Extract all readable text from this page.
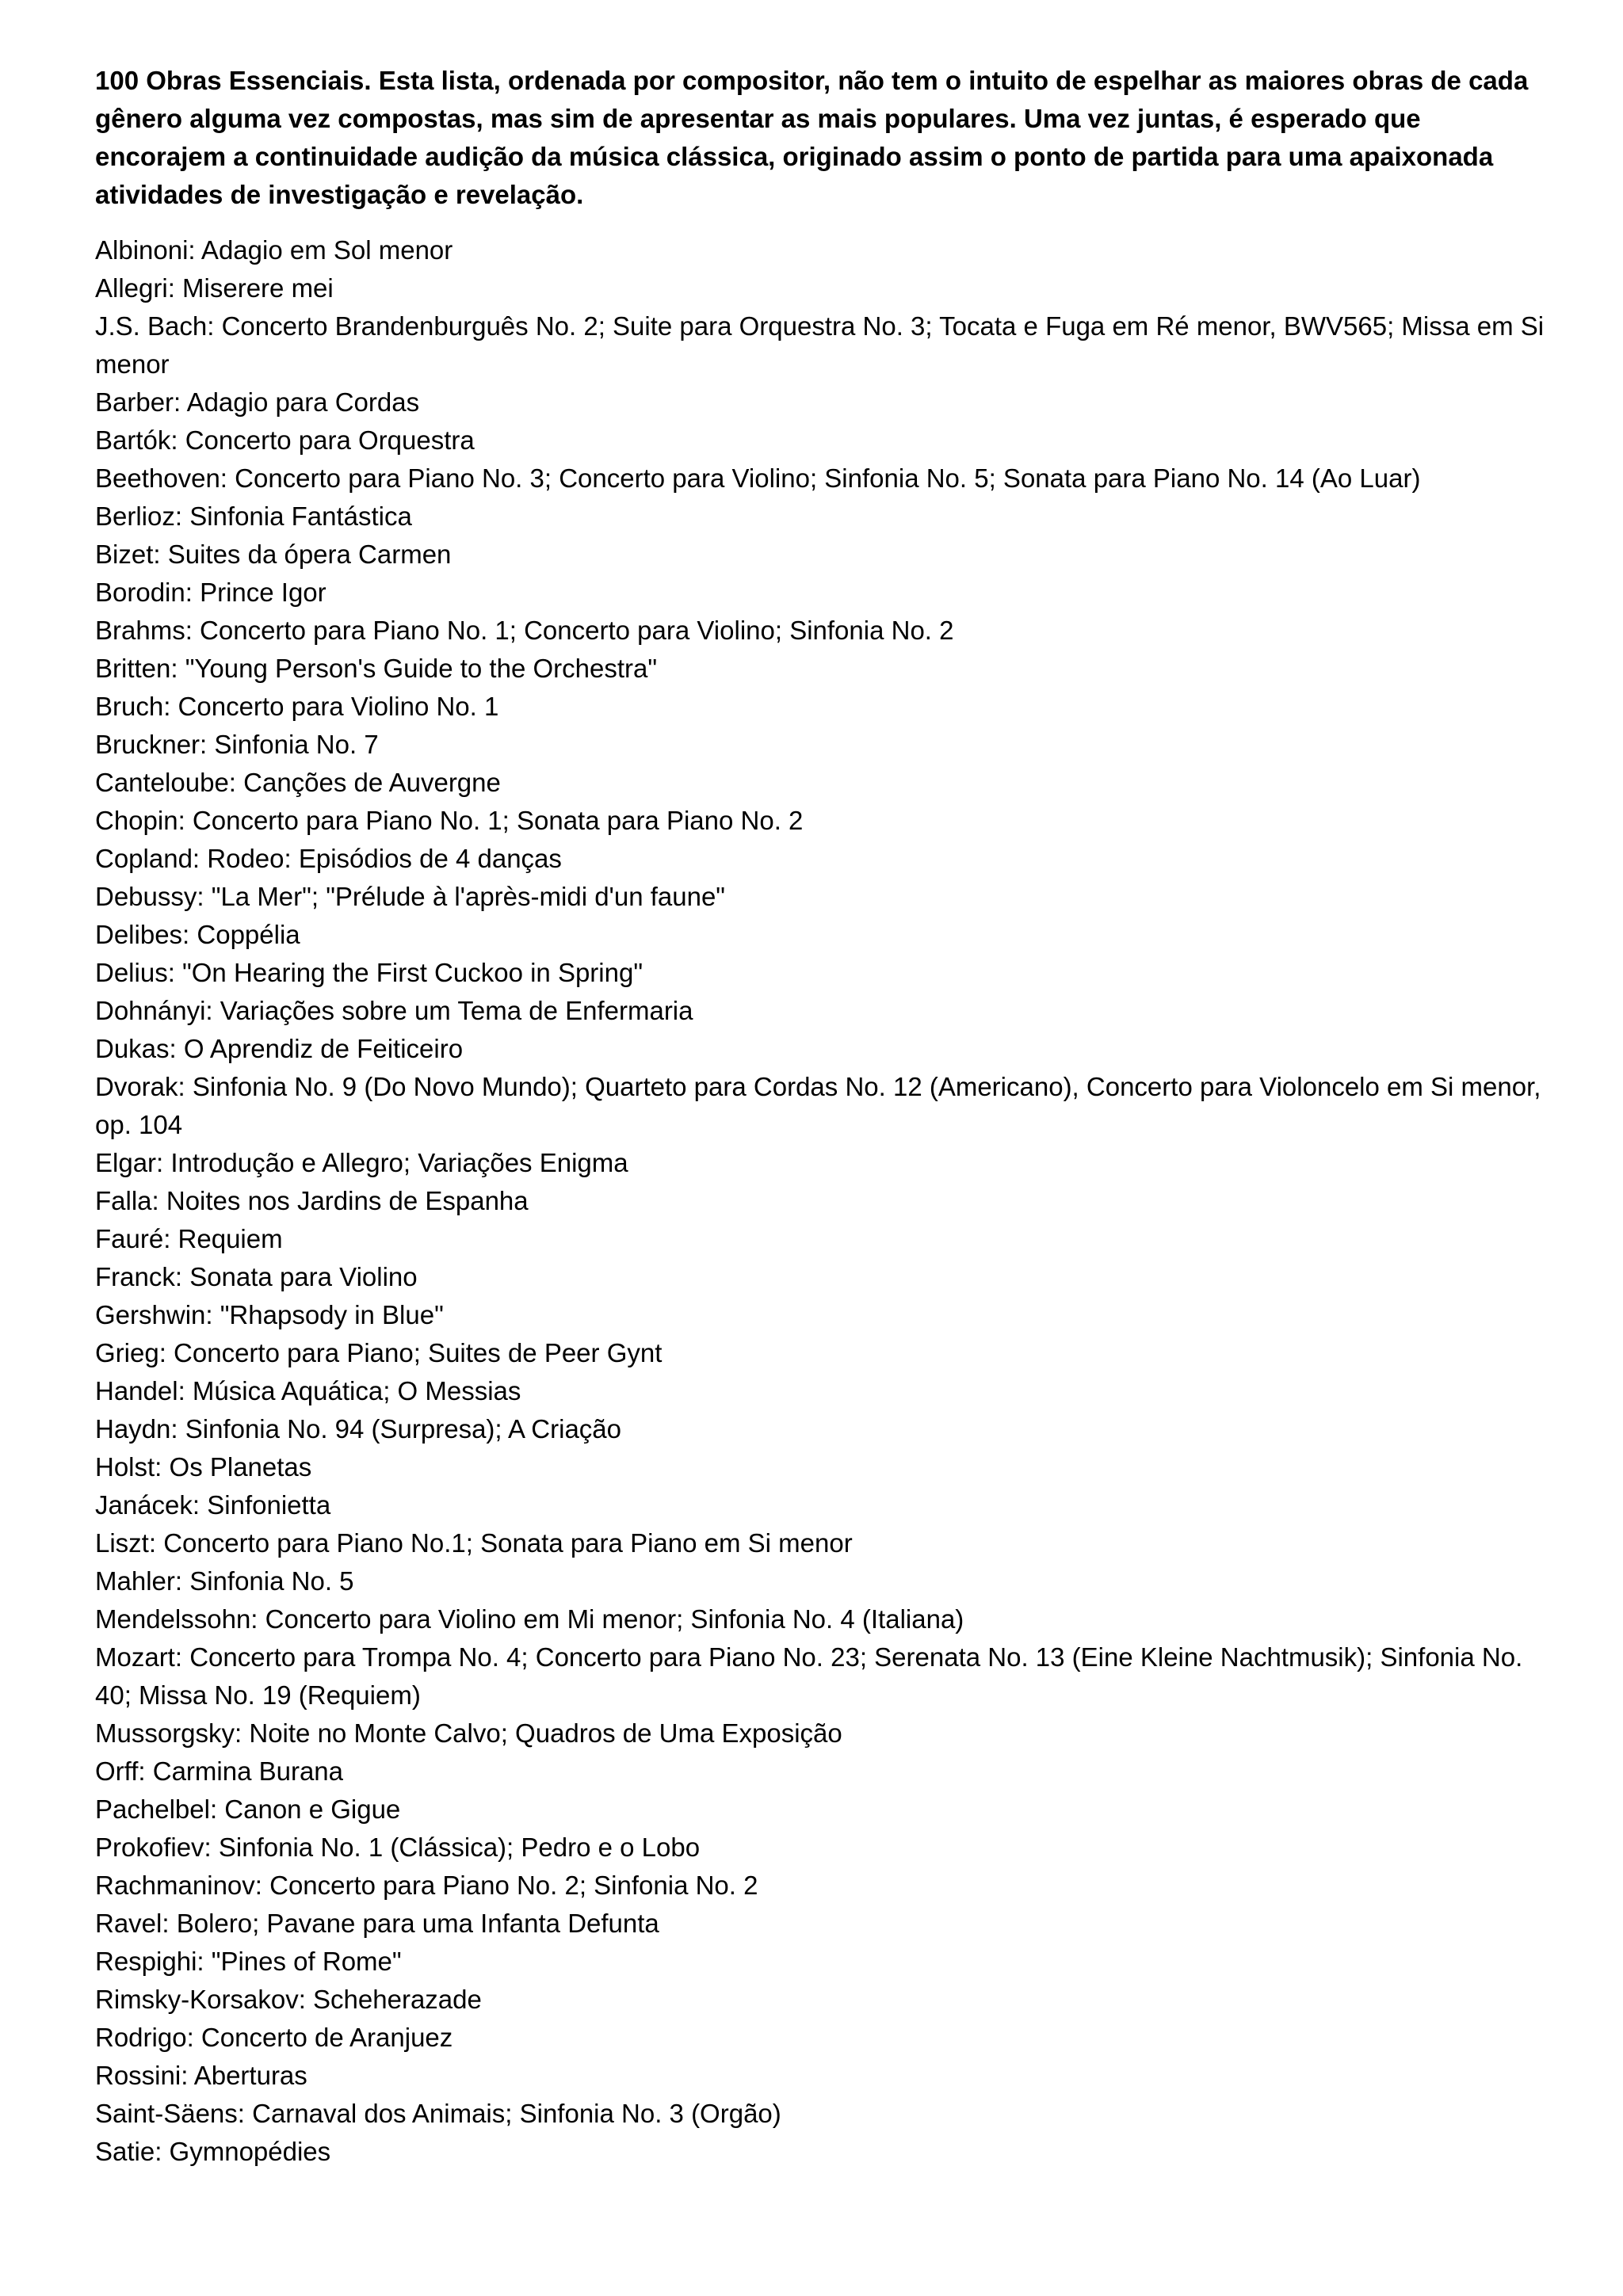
100 Obras Essenciais. Esta lista, ordenada por compositor, não tem o intuito de espelhar as maiores obras de cada gênero alguma vez compostas, mas sim de apresentar as mais populares. Uma vez juntas, é esperado que encorajem a continuidade audição da música clássica, originado assim o ponto de partida para uma apaixonada atividades de investigação e revelação.

Albinoni: Adagio em Sol menor
Allegri: Miserere mei
J.S. Bach: Concerto Brandenburguês No. 2; Suite para Orquestra No. 3; Tocata e Fuga em Ré menor, BWV565; Missa em Si menor
Barber: Adagio para Cordas
Bartók: Concerto para Orquestra
Beethoven: Concerto para Piano No. 3; Concerto para Violino; Sinfonia No. 5; Sonata para Piano No. 14 (Ao Luar)
Berlioz: Sinfonia Fantástica
Bizet: Suites da ópera Carmen
Borodin: Prince Igor
Brahms: Concerto para Piano No. 1; Concerto para Violino; Sinfonia No. 2
Britten: "Young Person's Guide to the Orchestra"
Bruch: Concerto para Violino No. 1
Bruckner: Sinfonia No. 7
Canteloube: Canções de Auvergne
Chopin: Concerto para Piano No. 1; Sonata para Piano No. 2
Copland: Rodeo: Episódios de 4 danças
Debussy: "La Mer"; "Prélude à l'après-midi d'un faune"
Delibes: Coppélia
Delius: "On Hearing the First Cuckoo in Spring"
Dohnányi: Variações sobre um Tema de Enfermaria
Dukas: O Aprendiz de Feiticeiro
Dvorak: Sinfonia No. 9 (Do Novo Mundo); Quarteto para Cordas No. 12 (Americano), Concerto para Violoncelo em Si menor, op. 104
Elgar: Introdução e Allegro; Variações Enigma
Falla: Noites nos Jardins de Espanha
Fauré: Requiem
Franck: Sonata para Violino
Gershwin: "Rhapsody in Blue"
Grieg: Concerto para Piano; Suites de Peer Gynt
Handel: Música Aquática; O Messias
Haydn: Sinfonia No. 94 (Surpresa); A Criação
Holst: Os Planetas
Janácek: Sinfonietta
Liszt: Concerto para Piano No.1; Sonata para Piano em Si menor
Mahler: Sinfonia No. 5
Mendelssohn: Concerto para Violino em Mi menor; Sinfonia No. 4 (Italiana)
Mozart: Concerto para Trompa No. 4; Concerto para Piano No. 23; Serenata No. 13 (Eine Kleine Nachtmusik); Sinfonia No. 40; Missa No. 19 (Requiem)
Mussorgsky: Noite no Monte Calvo; Quadros de Uma Exposição
Orff: Carmina Burana
Pachelbel: Canon e Gigue
Prokofiev: Sinfonia No. 1 (Clássica); Pedro e o Lobo
Rachmaninov: Concerto para Piano No. 2; Sinfonia No. 2
Ravel: Bolero; Pavane para uma Infanta Defunta
Respighi: "Pines of Rome"
Rimsky-Korsakov: Scheherazade
Rodrigo: Concerto de Aranjuez
Rossini: Aberturas
Saint-Säens: Carnaval dos Animais; Sinfonia No. 3 (Orgão)
Satie: Gymnopédies
